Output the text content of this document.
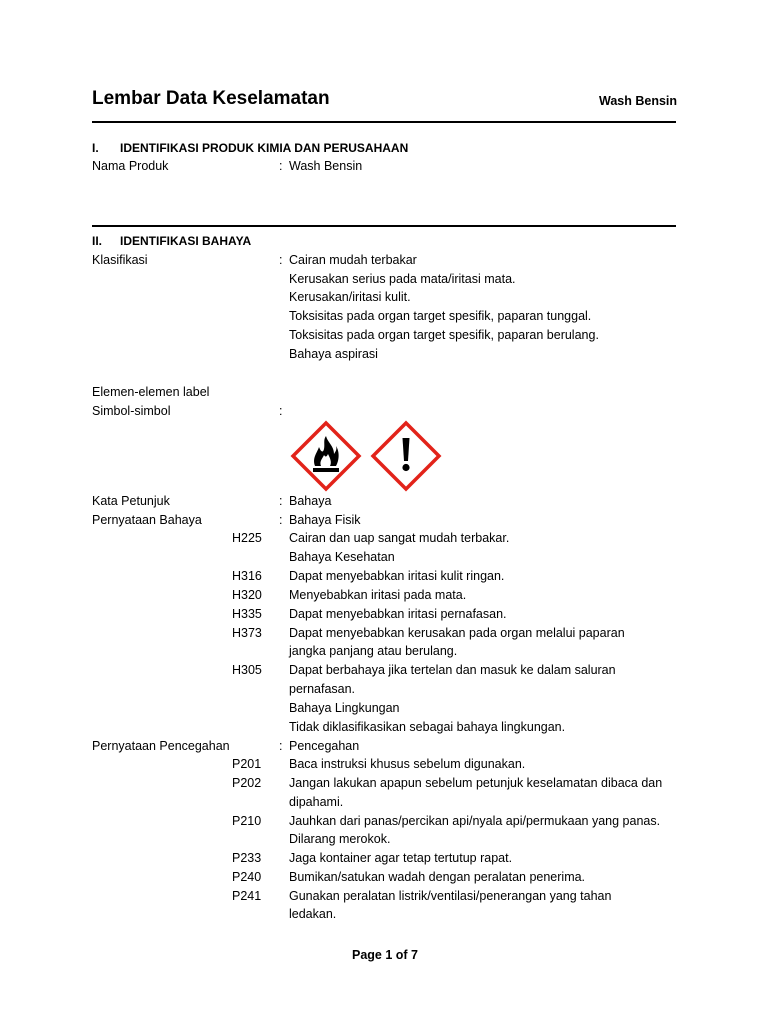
Lembar Data Keselamatan	Wash Bensin
I. IDENTIFIKASI PRODUK KIMIA DAN PERUSAHAAN
Nama Produk	: Wash Bensin
II. IDENTIFIKASI BAHAYA
Klasifikasi	: Cairan mudah terbakar
Kerusakan serius pada mata/iritasi mata.
Kerusakan/iritasi kulit.
Toksisitas pada organ target spesifik, paparan tunggal.
Toksisitas pada organ target spesifik, paparan berulang.
Bahaya aspirasi
Elemen-elemen label
Simbol-simbol	:
Kata Petunjuk	: Bahaya
Pernyataan Bahaya	: Bahaya Fisik
H225 Cairan dan uap sangat mudah terbakar.
Bahaya Kesehatan
H316 Dapat menyebabkan iritasi kulit ringan.
H320 Menyebabkan iritasi pada mata.
H335 Dapat menyebabkan iritasi pernafasan.
H373 Dapat menyebabkan kerusakan pada organ melalui paparan
jangka panjang atau berulang.
H305 Dapat berbahaya jika tertelan dan masuk ke dalam saluran
pernafasan.
Bahaya Lingkungan
Tidak diklasifikasikan sebagai bahaya lingkungan.
Pernyataan Pencegahan	: Pencegahan
P201 Baca instruksi khusus sebelum digunakan.
P202 Jangan lakukan apapun sebelum petunjuk keselamatan dibaca dan
dipahami.
P210 Jauhkan dari panas/percikan api/nyala api/permukaan yang panas.
Dilarang merokok.
P233 Jaga kontainer agar tetap tertutup rapat.
P240 Bumikan/satukan wadah dengan peralatan penerima.
P241 Gunakan peralatan listrik/ventilasi/penerangan yang tahan
ledakan.
Page 1 of 7
